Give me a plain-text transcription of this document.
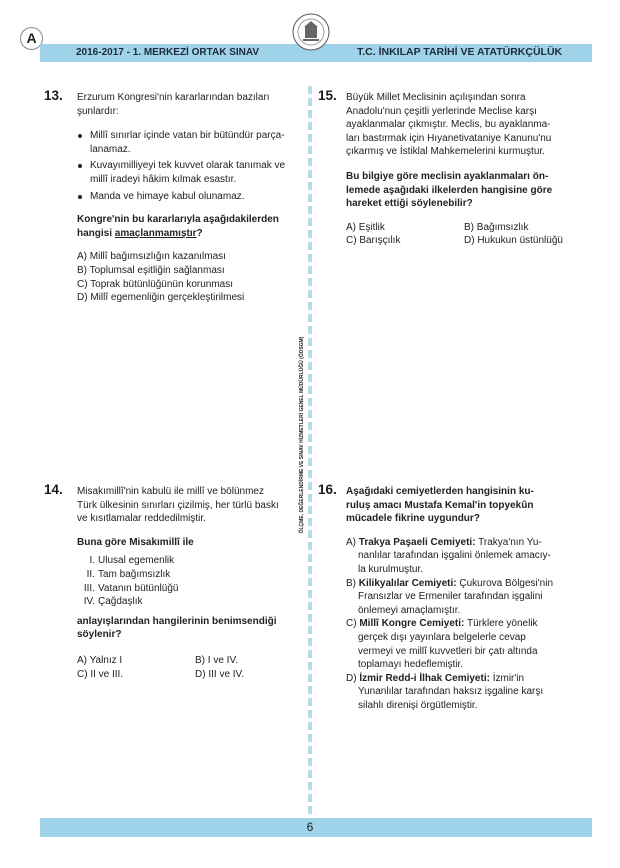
A
2016-2017 - 1. MERKEZİ ORTAK SINAV	T.C. İNKILAP TARİHİ VE ATATÜRKÇÜLÜK
ÖLÇME, DEĞERLENDİRME VE SINAV HİZMETLERİ GENEL MÜDÜRLÜĞÜ (ÖDSGM)
13. Erzurum Kongresi'nin kararlarından bazıları

şunlardır:

Millî sınırlar içinde vatan bir bütündür parça-

lanamaz.

Kuvayımilliyeyi tek kuvvet olarak tanımak ve

millî iradeyi hâkim kılmak esastır.

Manda ve himaye kabul olunamaz.

Kongre'nin bu kararlarıyla aşağıdakilerden

hangisi amaçlanmamıştır?

A) Millî bağımsızlığın kazanılması

B) Toplumsal eşitliğin sağlanması

C) Toprak bütünlüğünün korunması

D) Millî egemenliğin gerçekleştirilmesi

14. Misakımillî'nin kabulü ile millî ve bölünmez

Türk ülkesinin sınırları çizilmiş, her türlü baskı

ve kısıtlamalar reddedilmiştir.

Buna göre Misakımillî ile

I. Ulusal egemenlik

II. Tam bağımsızlık

III. Vatanın bütünlüğü

IV. Çağdaşlık

anlayışlarından hangilerinin benimsendiği

söylenir?

A) Yalnız I	B) I ve IV.
C) II ve III.	D) III ve IV.
15. Büyük Millet Meclisinin açılışından sonra

Anadolu'nun çeşitli yerlerinde Meclise karşı

ayaklanmalar çıkmıştır. Meclis, bu ayaklanma-

ları bastırmak için Hıyanetivataniye Kanunu'nu

çıkarmış ve İstiklal Mahkemelerini kurmuştur.

Bu bilgiye göre meclisin ayaklanmaları ön-

lemede aşağıdaki ilkelerden hangisine göre

hareket ettiği söylenebilir?

A) Eşitlik	B) Bağımsızlık
C) Barışçılık	D) Hukukun üstünlüğü
16. Aşağıdaki cemiyetlerden hangisinin ku-

ruluş amacı Mustafa Kemal'in topyekûn

mücadele fikrine uygundur?

A) Trakya Paşaeli Cemiyeti: Trakya'nın Yu-

nanlılar tarafından işgalini önlemek amacıy-

la kurulmuştur.

B) Kilikyalılar Cemiyeti: Çukurova Bölgesi'nin

Fransızlar ve Ermeniler tarafından işgalini

önlemeyi amaçlamıştır.

C) Millî Kongre Cemiyeti: Türklere yönelik

gerçek dışı yayınlara belgelerle cevap

vermeyi ve millî kuvvetleri bir çatı altında

toplamayı hedeflemiştir.

D) İzmir Redd-i İlhak Cemiyeti: İzmir'in

Yunanlılar tarafından haksız işgaline karşı

silahlı direnişi örgütlemiştir.

6
